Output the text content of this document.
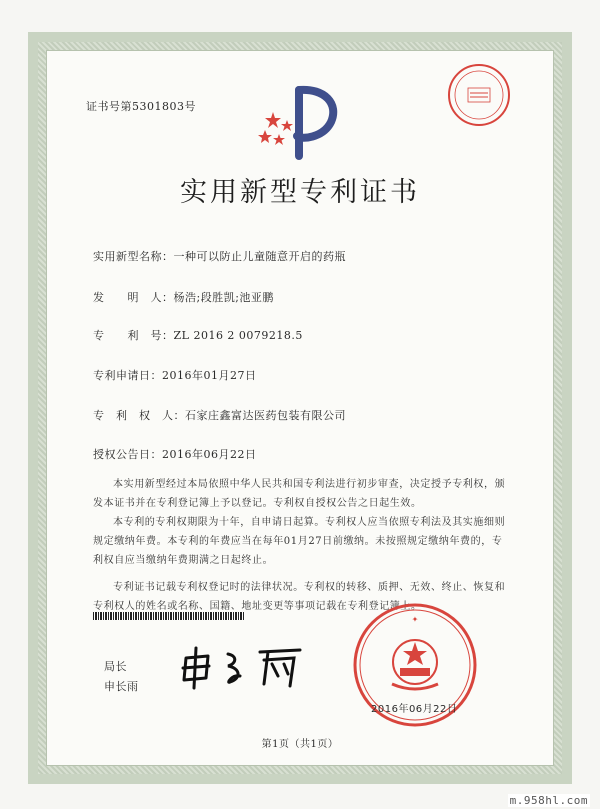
证书号第5301803号
实用新型专利证书
实用新型名称：一种可以防止儿童随意开启的药瓶
发　　明　人：杨浩;段胜凯;池亚鹏
专　　利　号：ZL 2016 2 0079218.5
专利申请日：2016年01月27日
专　利　权　人：石家庄鑫富达医药包装有限公司
授权公告日：2016年06月22日

本实用新型经过本局依照中华人民共和国专利法进行初步审查，决定授予专利权，颁发本证书并在专利登记簿上予以登记。专利权自授权公告之日起生效。

本专利的专利权期限为十年，自申请日起算。专利权人应当依照专利法及其实施细则规定缴纳年费。本专利的年费应当在每年01月27日前缴纳。未按照规定缴纳年费的，专利权自应当缴纳年费期满之日起终止。

专利证书记载专利权登记时的法律状况。专利权的转移、质押、无效、终止、恢复和专利权人的姓名或名称、国籍、地址变更等事项记载在专利登记簿上。

局长
申长雨
✦
2016年06月22日
第1页（共1页）
m.958hl.com
